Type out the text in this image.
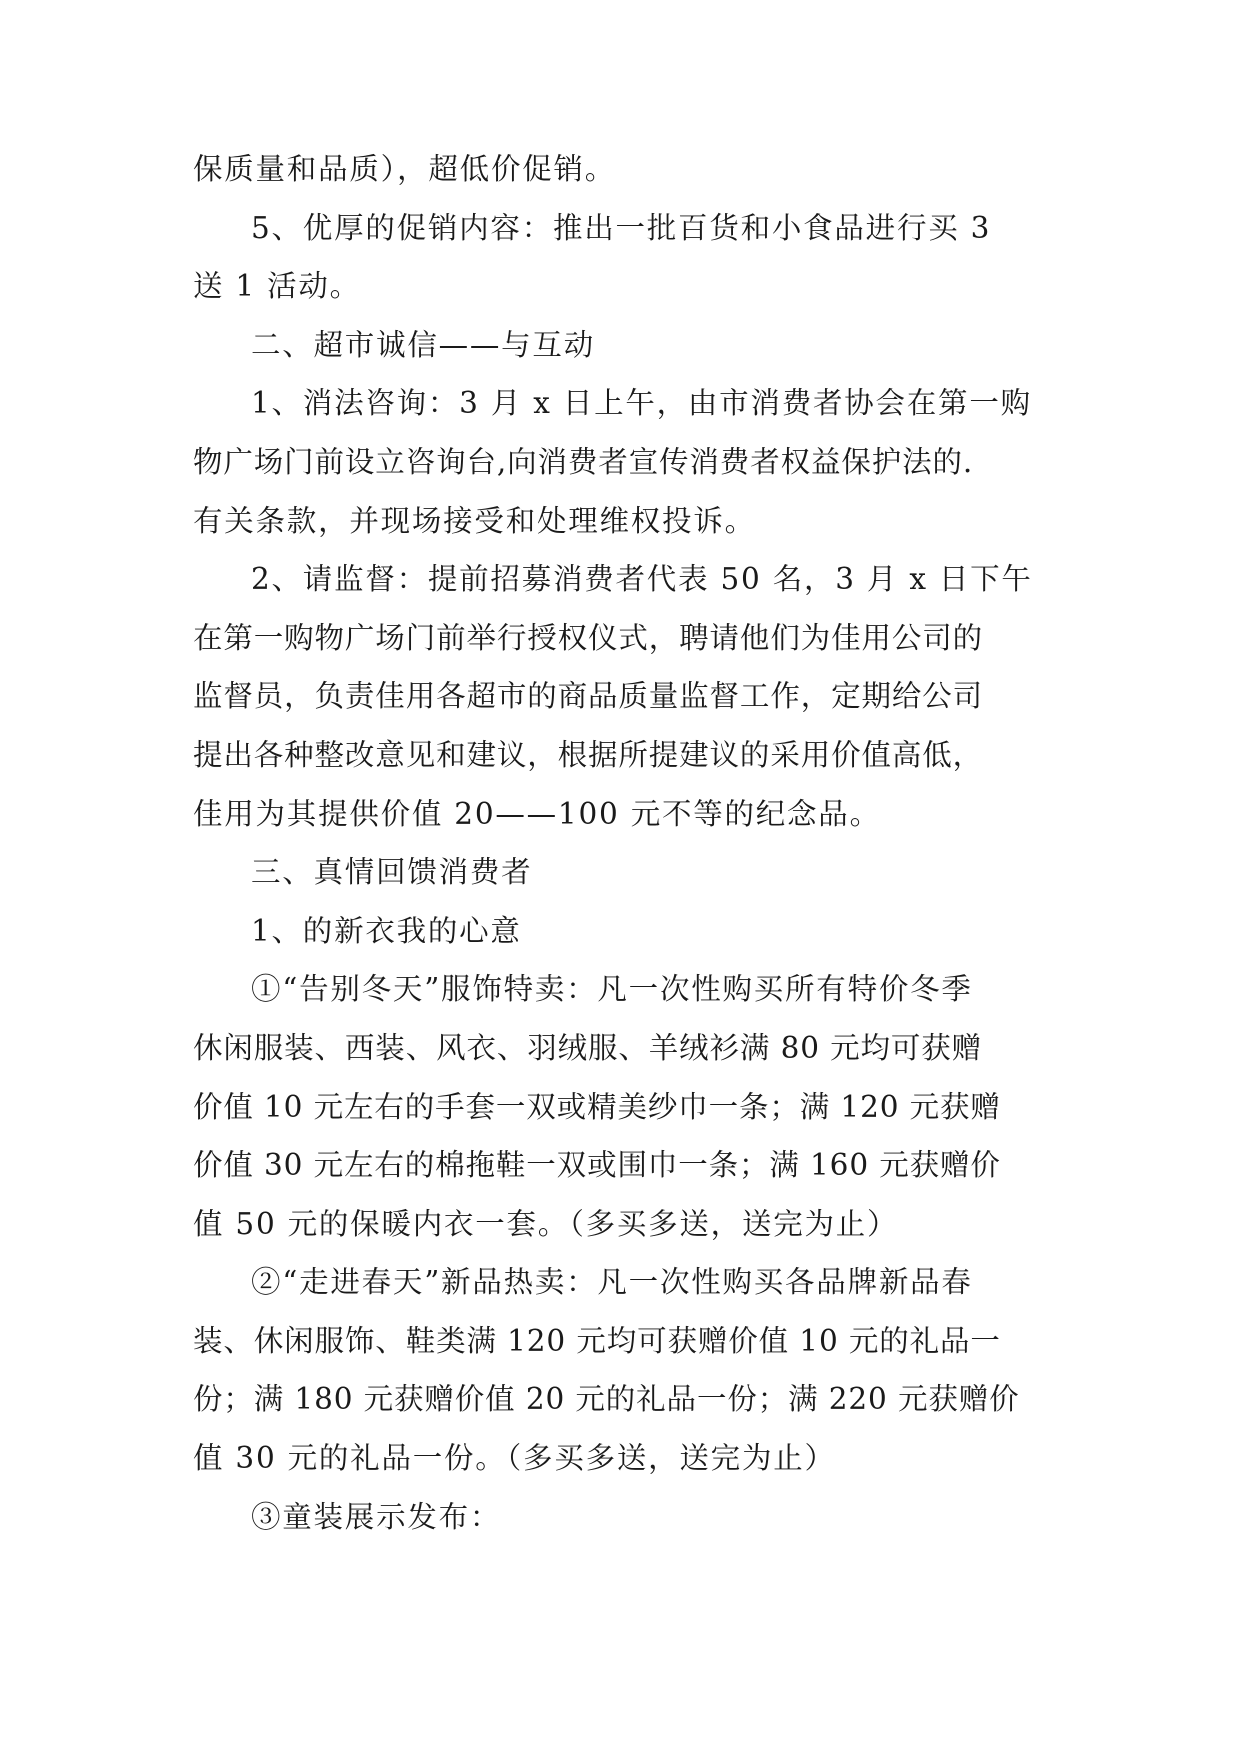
保质量和品质），超低价促销。

5、优厚的促销内容：推出一批百货和小食品进行买 3

送 1 活动。

二、超市诚信——与互动

1、消法咨询：3 月 x 日上午，由市消费者协会在第一购

物广场门前设立咨询台,向消费者宣传消费者权益保护法的.

有关条款，并现场接受和处理维权投诉。

2、请监督：提前招募消费者代表 50 名，3 月 x 日下午

在第一购物广场门前举行授权仪式，聘请他们为佳用公司的

监督员，负责佳用各超市的商品质量监督工作，定期给公司

提出各种整改意见和建议，根据所提建议的采用价值高低，

佳用为其提供价值 20——100 元不等的纪念品。

三、真情回馈消费者

1、的新衣我的心意

①“告别冬天”服饰特卖：凡一次性购买所有特价冬季

休闲服装、西装、风衣、羽绒服、羊绒衫满 80 元均可获赠

价值 10 元左右的手套一双或精美纱巾一条；满 120 元获赠

价值 30 元左右的棉拖鞋一双或围巾一条；满 160 元获赠价

值 50 元的保暖内衣一套。（多买多送，送完为止）

②“走进春天”新品热卖：凡一次性购买各品牌新品春

装、休闲服饰、鞋类满 120 元均可获赠价值 10 元的礼品一

份；满 180 元获赠价值 20 元的礼品一份；满 220 元获赠价

值 30 元的礼品一份。（多买多送，送完为止）

③童装展示发布：
